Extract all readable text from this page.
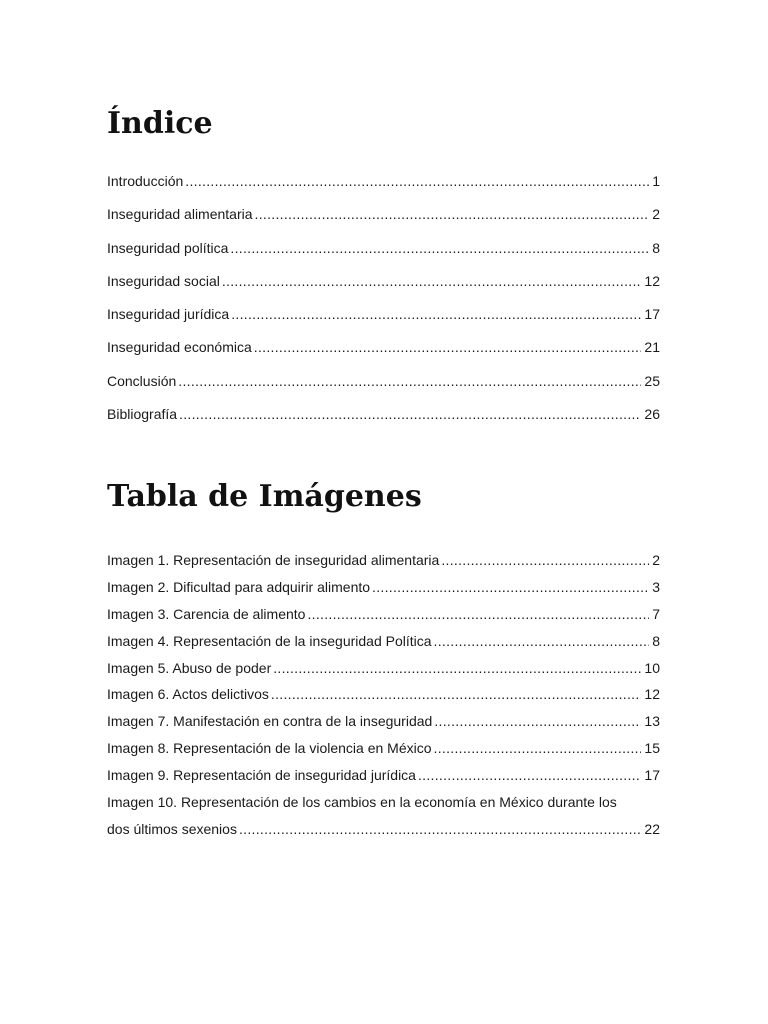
Índice
Introducción .....	1
Inseguridad alimentaria .....	2
Inseguridad política .....	8
Inseguridad social .....	12
Inseguridad jurídica .....	17
Inseguridad económica .....	21
Conclusión .....	25
Bibliografía .....	26
Tabla de Imágenes
Imagen 1. Representación de inseguridad alimentaria .....	2
Imagen 2. Dificultad para adquirir alimento .....	3
Imagen 3. Carencia de alimento .....	7
Imagen 4. Representación de la inseguridad Política .....	8
Imagen 5. Abuso de poder .....	10
Imagen 6. Actos delictivos .....	12
Imagen 7. Manifestación en contra de la inseguridad .....	13
Imagen 8. Representación de la violencia en México .....	15
Imagen 9. Representación de inseguridad jurídica .....	17
Imagen 10. Representación de los cambios en la economía en México durante los
dos últimos sexenios .....	22
